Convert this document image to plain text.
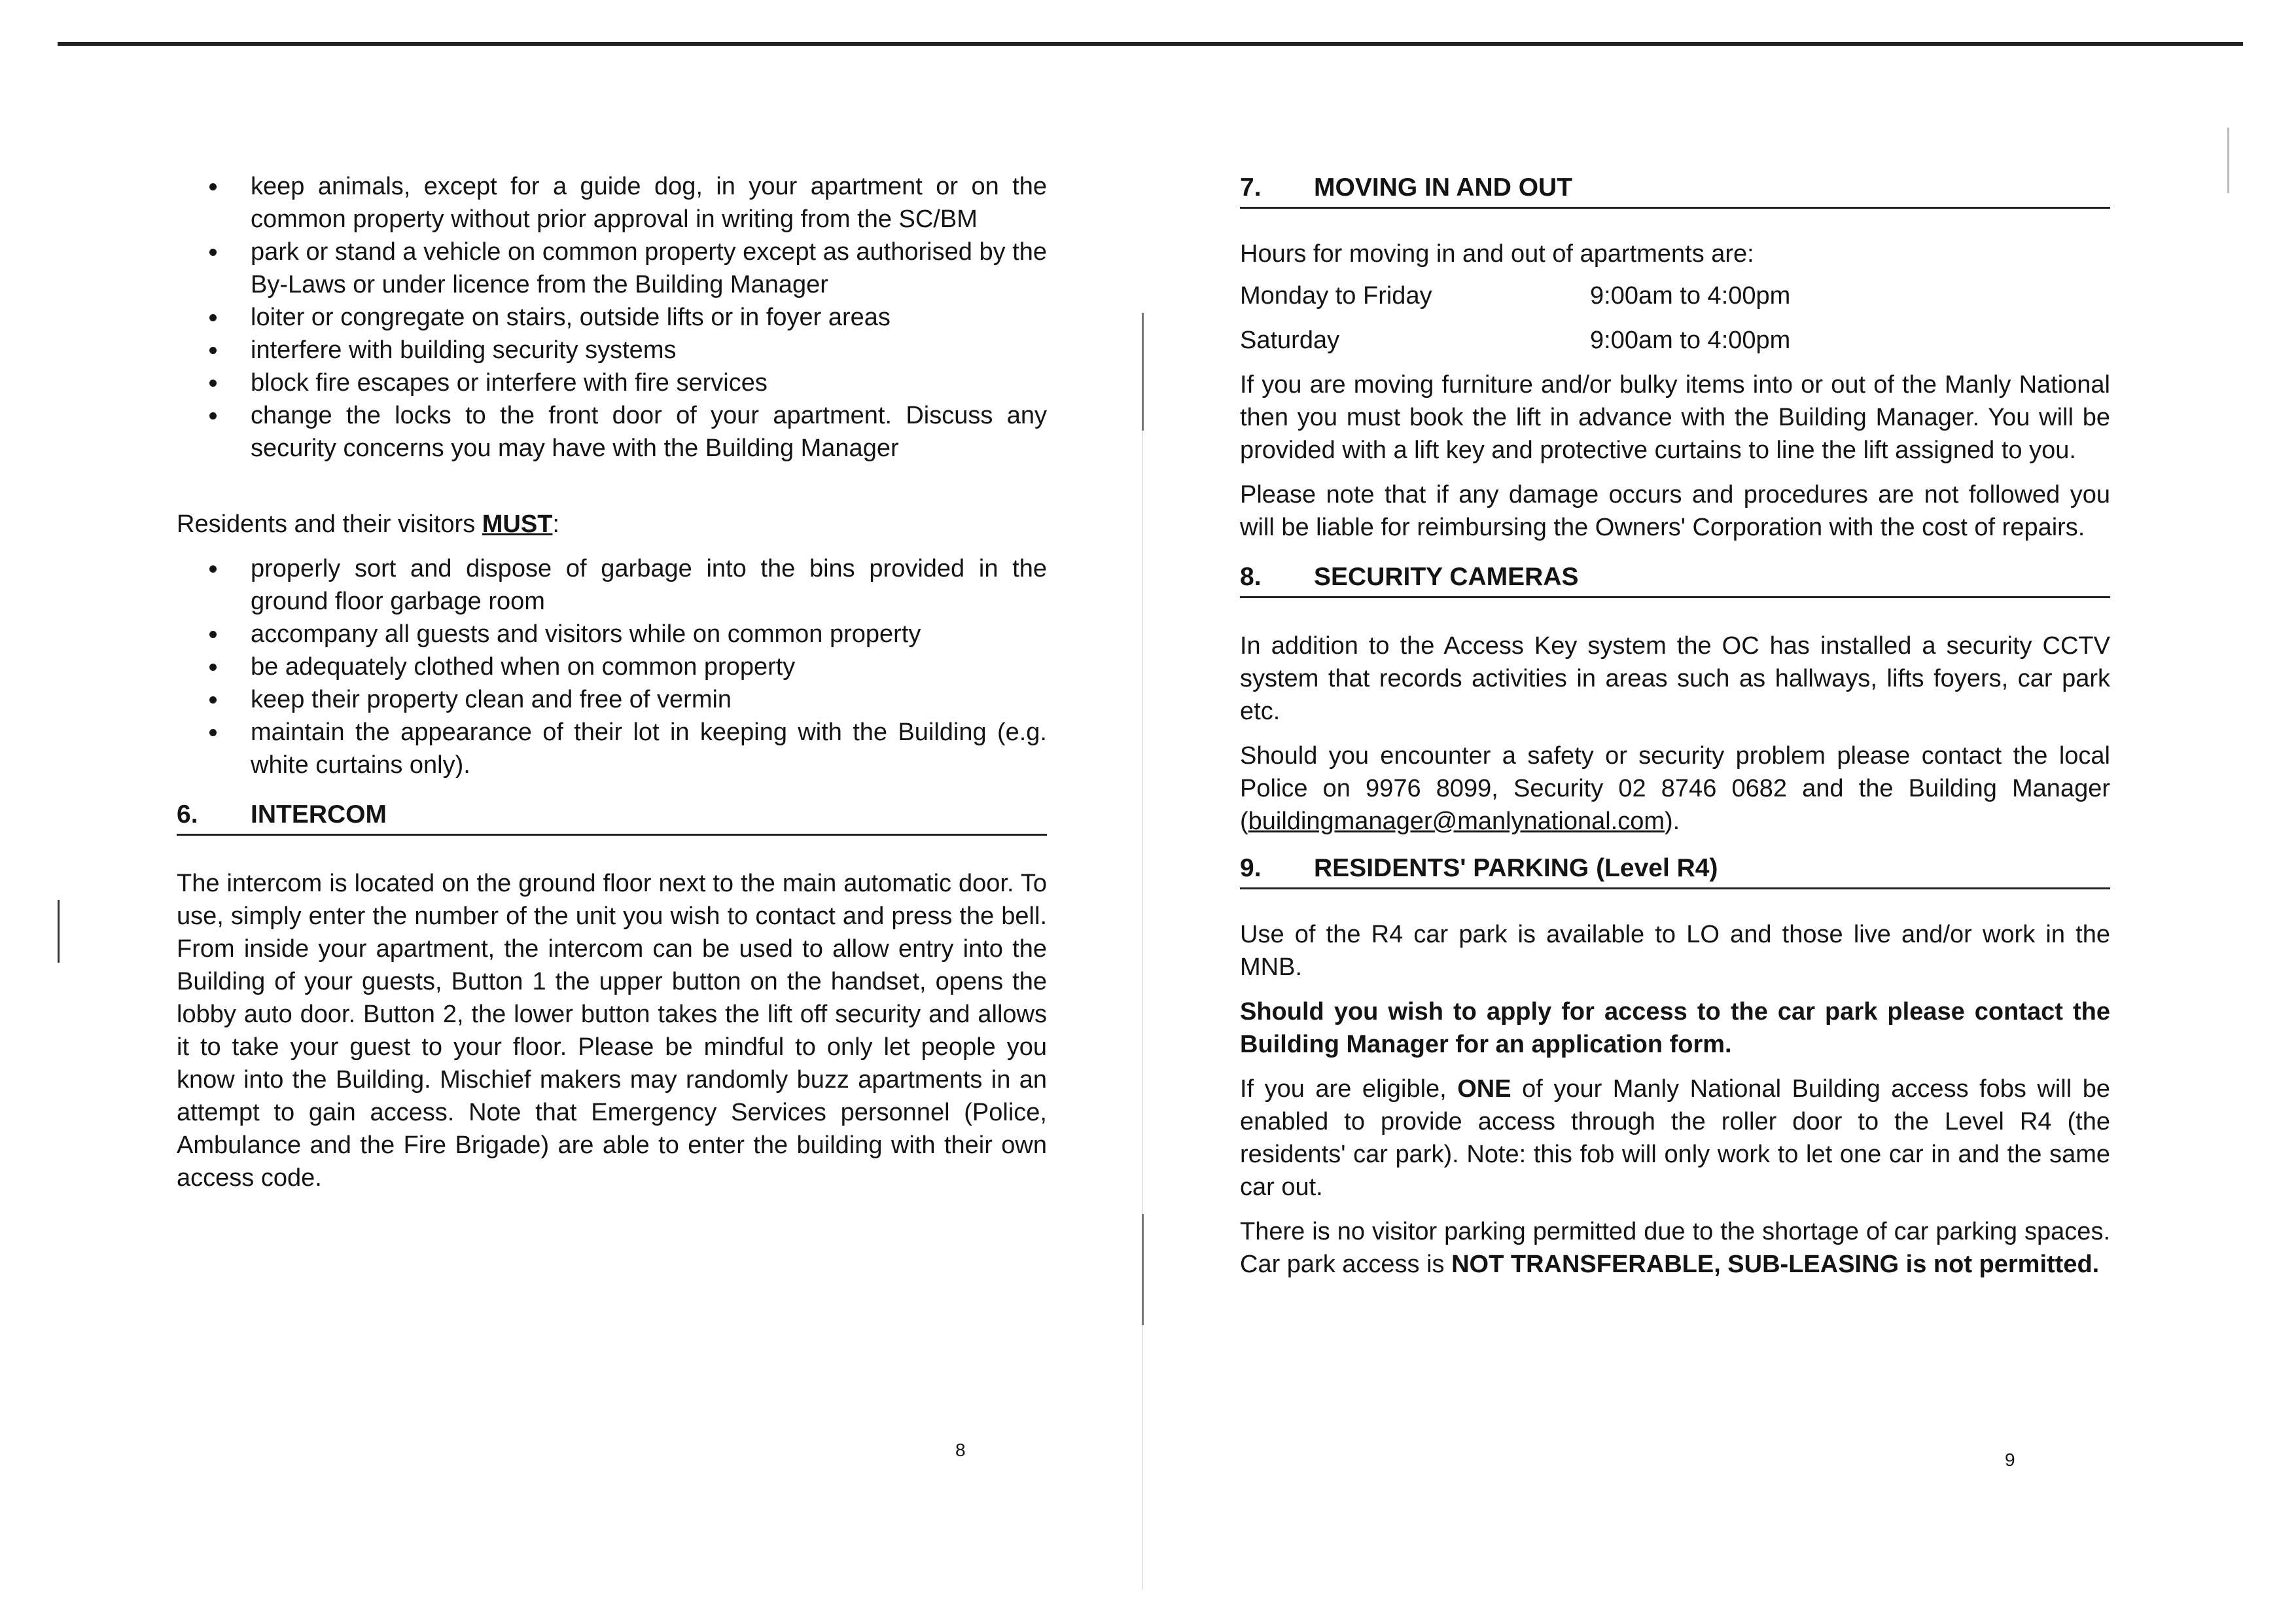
keep animals, except for a guide dog, in your apartment or on the common property without prior approval in writing from the SC/BM
park or stand a vehicle on common property except as authorised by the By-Laws or under licence from the Building Manager
loiter or congregate on stairs, outside lifts or in foyer areas
interfere with building security systems
block fire escapes or interfere with fire services
change the locks to the front door of your apartment. Discuss any security concerns you may have with the Building Manager
Residents and their visitors MUST:
properly sort and dispose of garbage into the bins provided in the ground floor garbage room
accompany all guests and visitors while on common property
be adequately clothed when on common property
keep their property clean and free of vermin
maintain the appearance of their lot in keeping with the Building (e.g. white curtains only).
6.	INTERCOM

The intercom is located on the ground floor next to the main automatic door. To use, simply enter the number of the unit you wish to contact and press the bell. From inside your apartment, the intercom can be used to allow entry into the Building of your guests, Button 1 the upper button on the handset, opens the lobby auto door. Button 2, the lower button takes the lift off security and allows it to take your guest to your floor. Please be mindful to only let people you know into the Building. Mischief makers may randomly buzz apartments in an attempt to gain access. Note that Emergency Services personnel (Police, Ambulance and the Fire Brigade) are able to enter the building with their own access code.

8
7.	MOVING IN AND OUT

Hours for moving in and out of apartments are:

Monday to Friday	9:00am to 4:00pm
Saturday	9:00am to 4:00pm

If you are moving furniture and/or bulky items into or out of the Manly National then you must book the lift in advance with the Building Manager. You will be provided with a lift key and protective curtains to line the lift assigned to you.

Please note that if any damage occurs and procedures are not followed you will be liable for reimbursing the Owners' Corporation with the cost of repairs.

8.	SECURITY CAMERAS

In addition to the Access Key system the OC has installed a security CCTV system that records activities in areas such as hallways, lifts foyers, car park etc.

Should you encounter a safety or security problem please contact the local Police on 9976 8099, Security 02 8746 0682 and the Building Manager (buildingmanager@manlynational.com).

9.	RESIDENTS' PARKING (Level R4)

Use of the R4 car park is available to LO and those live and/or work in the MNB.

Should you wish to apply for access to the car park please contact the Building Manager for an application form.

If you are eligible, ONE of your Manly National Building access fobs will be enabled to provide access through the roller door to the Level R4 (the residents' car park). Note: this fob will only work to let one car in and the same car out.

There is no visitor parking permitted due to the shortage of car parking spaces. Car park access is NOT TRANSFERABLE, SUB-LEASING is not permitted.

9
